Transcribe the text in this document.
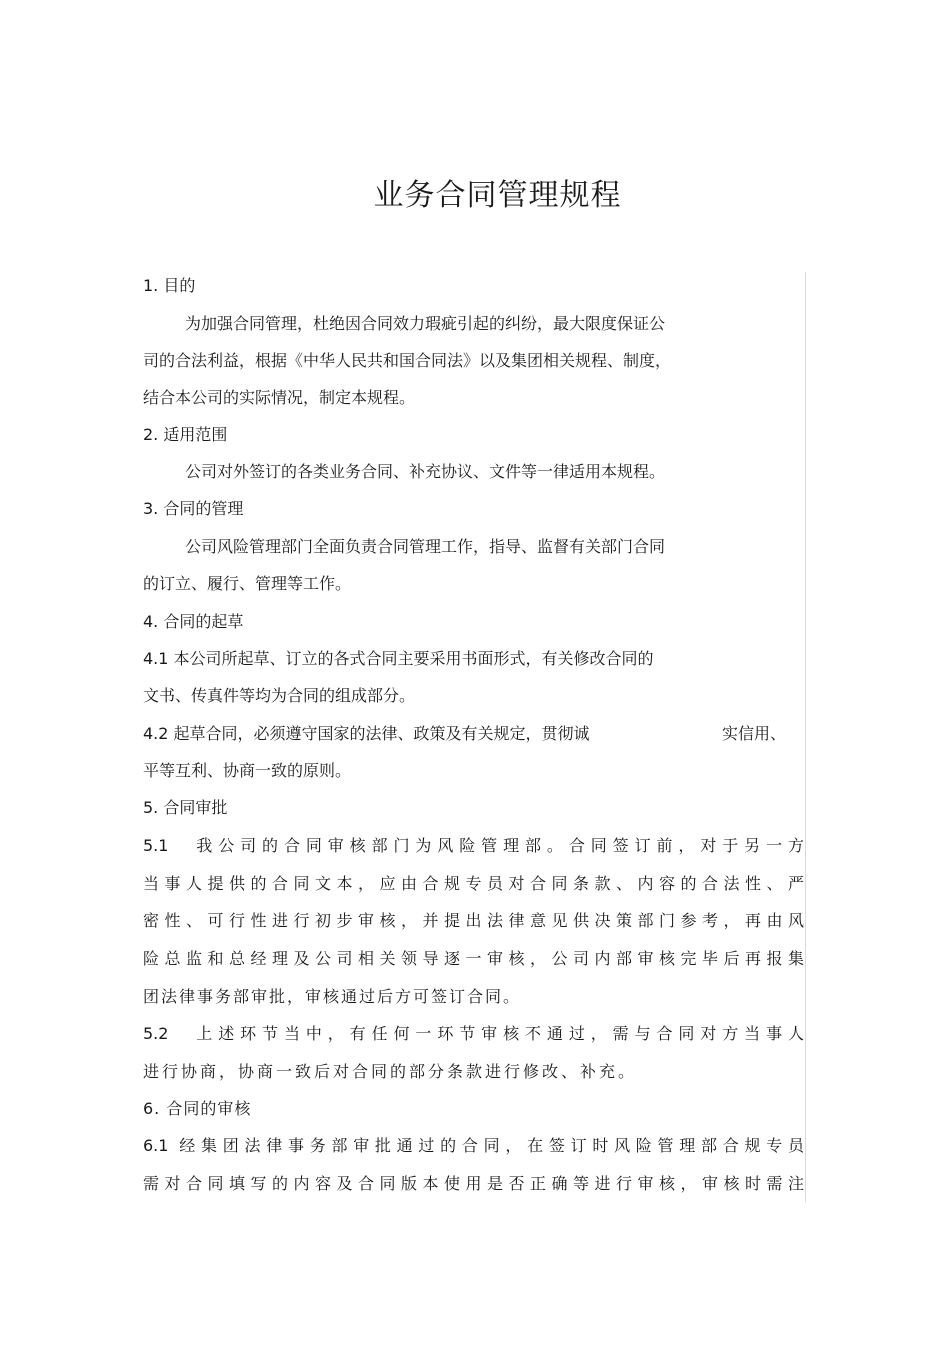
业务合同管理规程
1. 目的
为加强合同管理，杜绝因合同效力瑕疵引起的纠纷，最大限度保证公
司的合法利益，根据《中华人民共和国合同法》以及集团相关规程、制度，
结合本公司的实际情况，制定本规程。
2. 适用范围
公司对外签订的各类业务合同、补充协议、文件等一律适用本规程。
3. 合同的管理
公司风险管理部门全面负责合同管理工作，指导、监督有关部门合同
的订立、履行、管理等工作。
4. 合同的起草
4.1 本公司所起草、订立的各式合同主要采用书面形式，有关修改合同的
文书、传真件等均为合同的组成部分。
4.2 起草合同，必须遵守国家的法律、政策及有关规定，贯彻诚	实信用、
平等互利、协商一致的原则。
5. 合同审批
5.1　我公司的合同审核部门为风险管理部。合同签订前，对于另一方
当事人提供的合同文本，应由合规专员对合同条款、内容的合法性、严
密性、可行性进行初步审核，并提出法律意见供决策部门参考，再由风
险总监和总经理及公司相关领导逐一审核，公司内部审核完毕后再报集
团法律事务部审批，审核通过后方可签订合同。
5.2　上述环节当中，有任何一环节审核不通过，需与合同对方当事人
进行协商，协商一致后对合同的部分条款进行修改、补充。
6. 合同的审核
6.1 经集团法律事务部审批通过的合同，在签订时风险管理部合规专员
需对合同填写的内容及合同版本使用是否正确等进行审核，审核时需注
